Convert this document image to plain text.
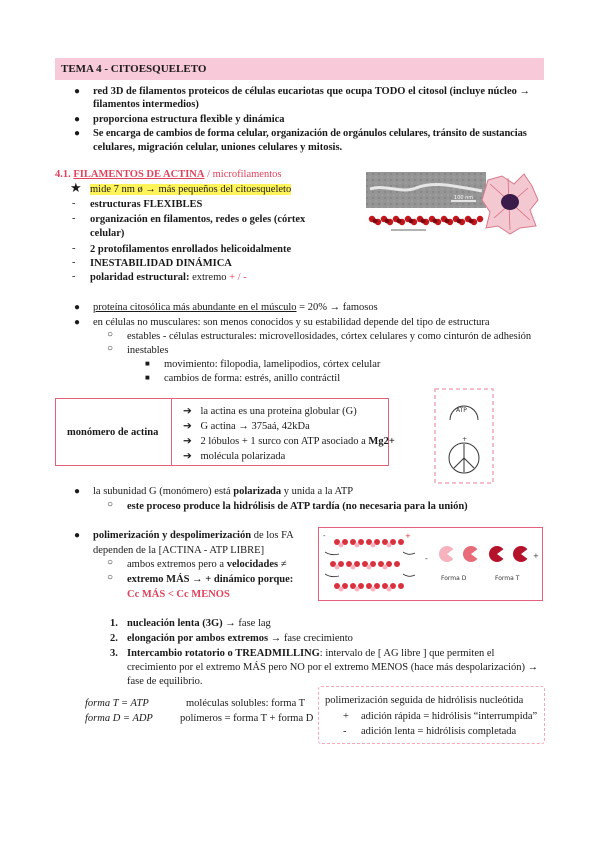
TEMA 4 - CITOESQUELETO
● red 3D de filamentos proteicos de células eucariotas que ocupa TODO el citosol (incluye núcleo →
filamentos intermedios)
● proporciona estructura flexible y dinámica
● Se encarga de cambios de forma celular, organización de orgánulos celulares, tránsito de sustancias
celulares, migración celular, uniones celulares y mitosis.
4.1. FILAMENTOS DE ACTINA / microfilamentos
★ mide 7 nm ø → más pequeños del citoesqueleto
- estructuras FLEXIBLES
- organización en filamentos, redes o geles (córtex
celular)
- 2 protofilamentos enrollados helicoidalmente
- INESTABILIDAD DINÁMICA
- polaridad estructural: extremo + / -
100 nm
● proteína citosólica más abundante en el músculo = 20% → famosos
● en células no musculares: son menos conocidos y su estabilidad depende del tipo de estructura
○ estables - células estructurales: microvellosidades, córtex celulares y como cinturón de adhesión
○ inestables
■ movimiento: filopodia, lamelipodios, córtex celular
■ cambios de forma: estrés, anillo contráctil
monómero de actina
➔ la actina es una proteína globular (G)
➔ G actina → 375aá, 42kDa
➔ 2 lóbulos + 1 surco con ATP asociado a Mg2+
➔ molécula polarizada
ATP
+
● la subunidad G (monómero) está polarizada y unida a la ATP
○ este proceso produce la hidrólisis de ATP tardía (no necesaria para la unión)
● polimerización y despolimerización de los FA
dependen de la [ACTINA - ATP LIBRE]
○ ambos extremos pero a velocidades ≠
○ extremo MÁS → + dinámico porque:
Cc MÁS < Cc MENOS
-	+
-	+
Forma D	Forma T
1. nucleación lenta (3G) → fase lag
2. elongación por ambos extremos → fase crecimiento
3. Intercambio rotatorio o TREADMILLING: intervalo de [ AG libre ] que permiten el
crecimiento por el extremo MÁS pero NO por el extremo MENOS (hace más despolarización) →
fase de equilibrio.
forma T = ATP	moléculas solubles: forma T
forma D = ADP	polímeros = forma T + forma D
polimerización seguida de hidrólisis nucleótida
+ adición rápida = hidrólisis “interrumpida”
- adición lenta = hidrólisis completada
